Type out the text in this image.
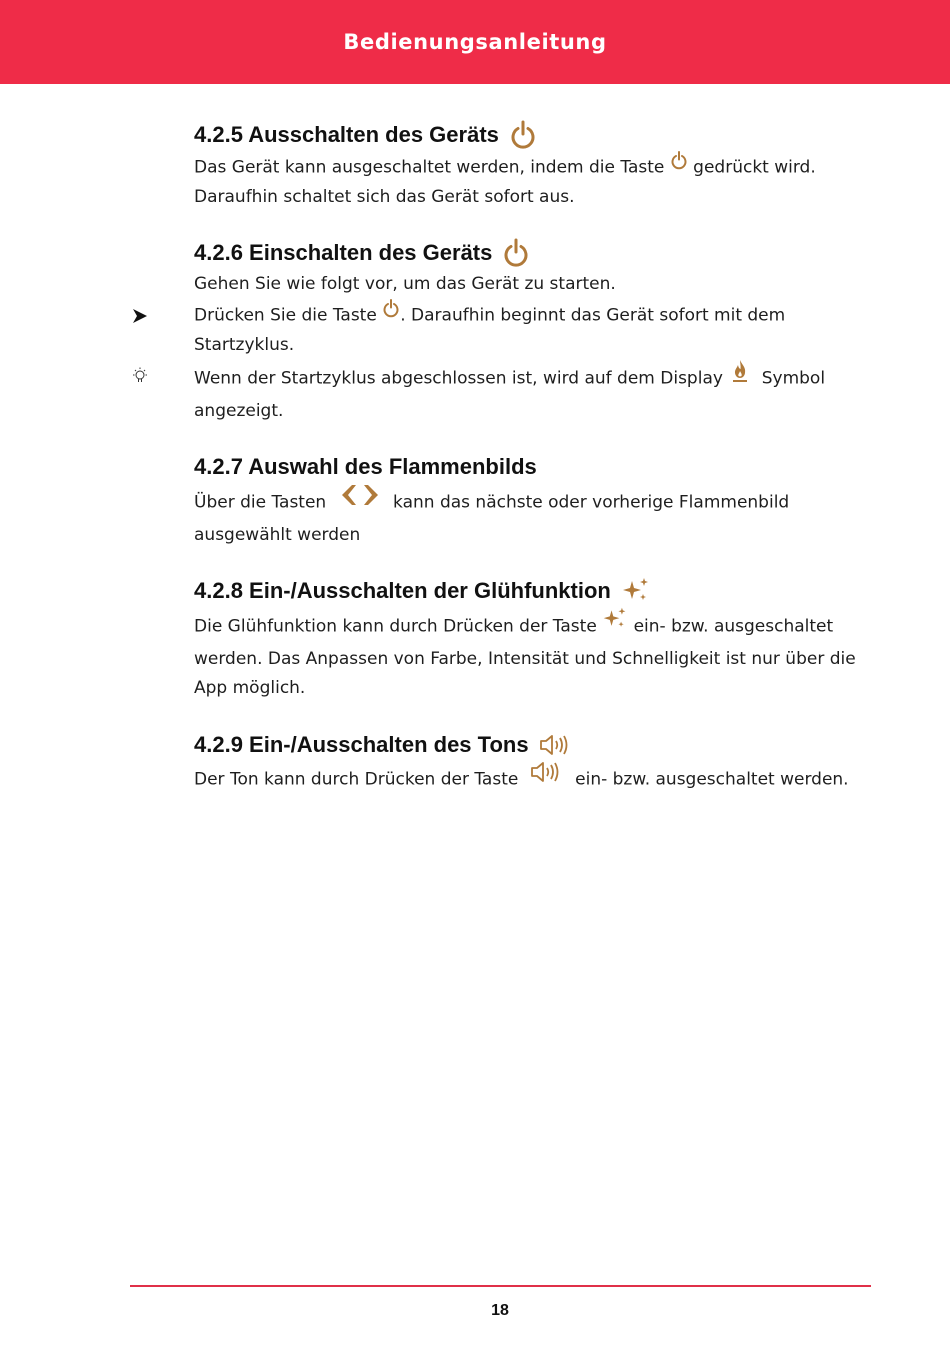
Bedienungsanleitung
4.2.5 Ausschalten des Geräts

Das Gerät kann ausgeschaltet werden, indem die Taste  gedrückt wird. Daraufhin schaltet sich das Gerät sofort aus.

4.2.6 Einschalten des Geräts

Gehen Sie wie folgt vor, um das Gerät zu starten.

Drücken Sie die Taste . Daraufhin beginnt das Gerät sofort mit dem Startzyklus.

Wenn der Startzyklus abgeschlossen ist, wird auf dem Display  Symbol angezeigt.

4.2.7 Auswahl des Flammenbilds

Über die Tasten	kann das nächste oder vorherige Flammenbild ausgewählt werden

4.2.8 Ein-/Ausschalten der Glühfunktion

Die Glühfunktion kann durch Drücken der Taste  ein- bzw. ausgeschaltet werden. Das Anpassen von Farbe, Intensität und Schnelligkeit ist nur über die App möglich.

4.2.9 Ein-/Ausschalten des Tons

Der Ton kann durch Drücken der Taste	ein- bzw. ausgeschaltet werden.

18
